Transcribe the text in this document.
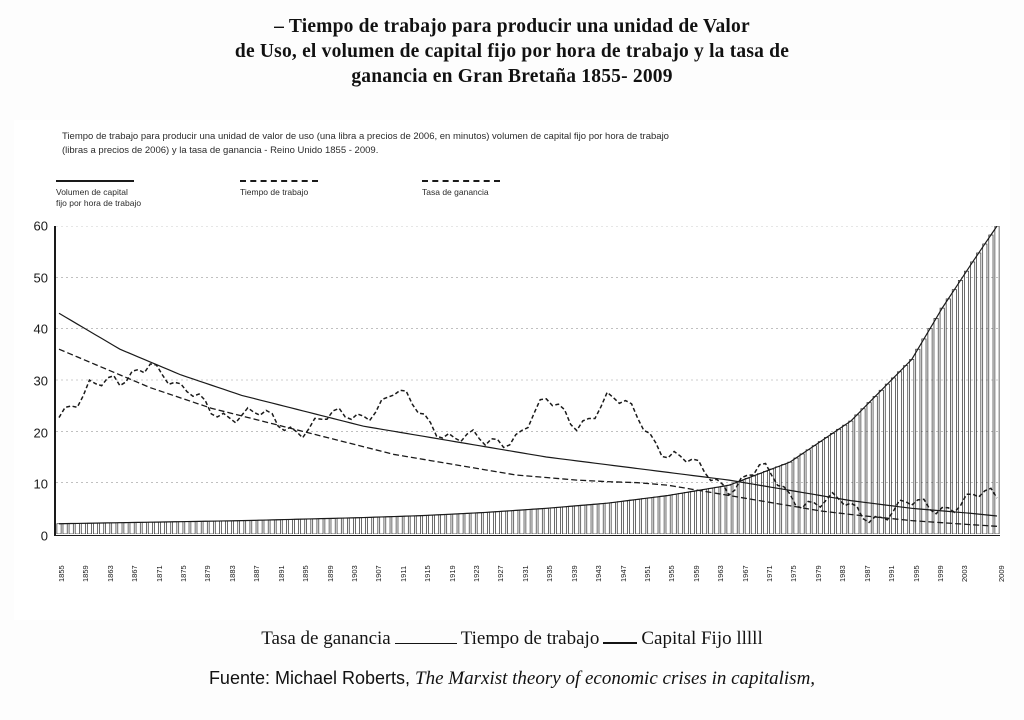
– Tiempo de trabajo para producir una unidad de Valor
de Uso, el volumen de capital fijo por hora de trabajo y la tasa de
ganancia en Gran Bretaña 1855- 2009
Tiempo de trabajo para producir una unidad de valor de uso (una libra a precios de 2006, en minutos) volumen de capital fijo por hora de trabajo
(libras a precios de 2006) y la tasa de ganancia - Reino Unido 1855 - 2009.
Volumen de capital
fijo por hora de trabajo
Tiempo de trabajo	Tasa de ganancia
0
10
20
30
40
50
60
1855 1859 1863 1867 1871 1875 1879 1883 1887 1891 1895 1899 1903 1907 1911 1915 1919 1923 1927 1931 1935 1939 1943 1947 1951 1955 1959 1963 1967 1971 1975 1979 1983 1987 1991 1995 1999 2003	2009
Tasa de ganancia	Tiempo de trabajo Capital Fijo lllll
Fuente: Michael Roberts, The Marxist theory of economic crises in capitalism,
